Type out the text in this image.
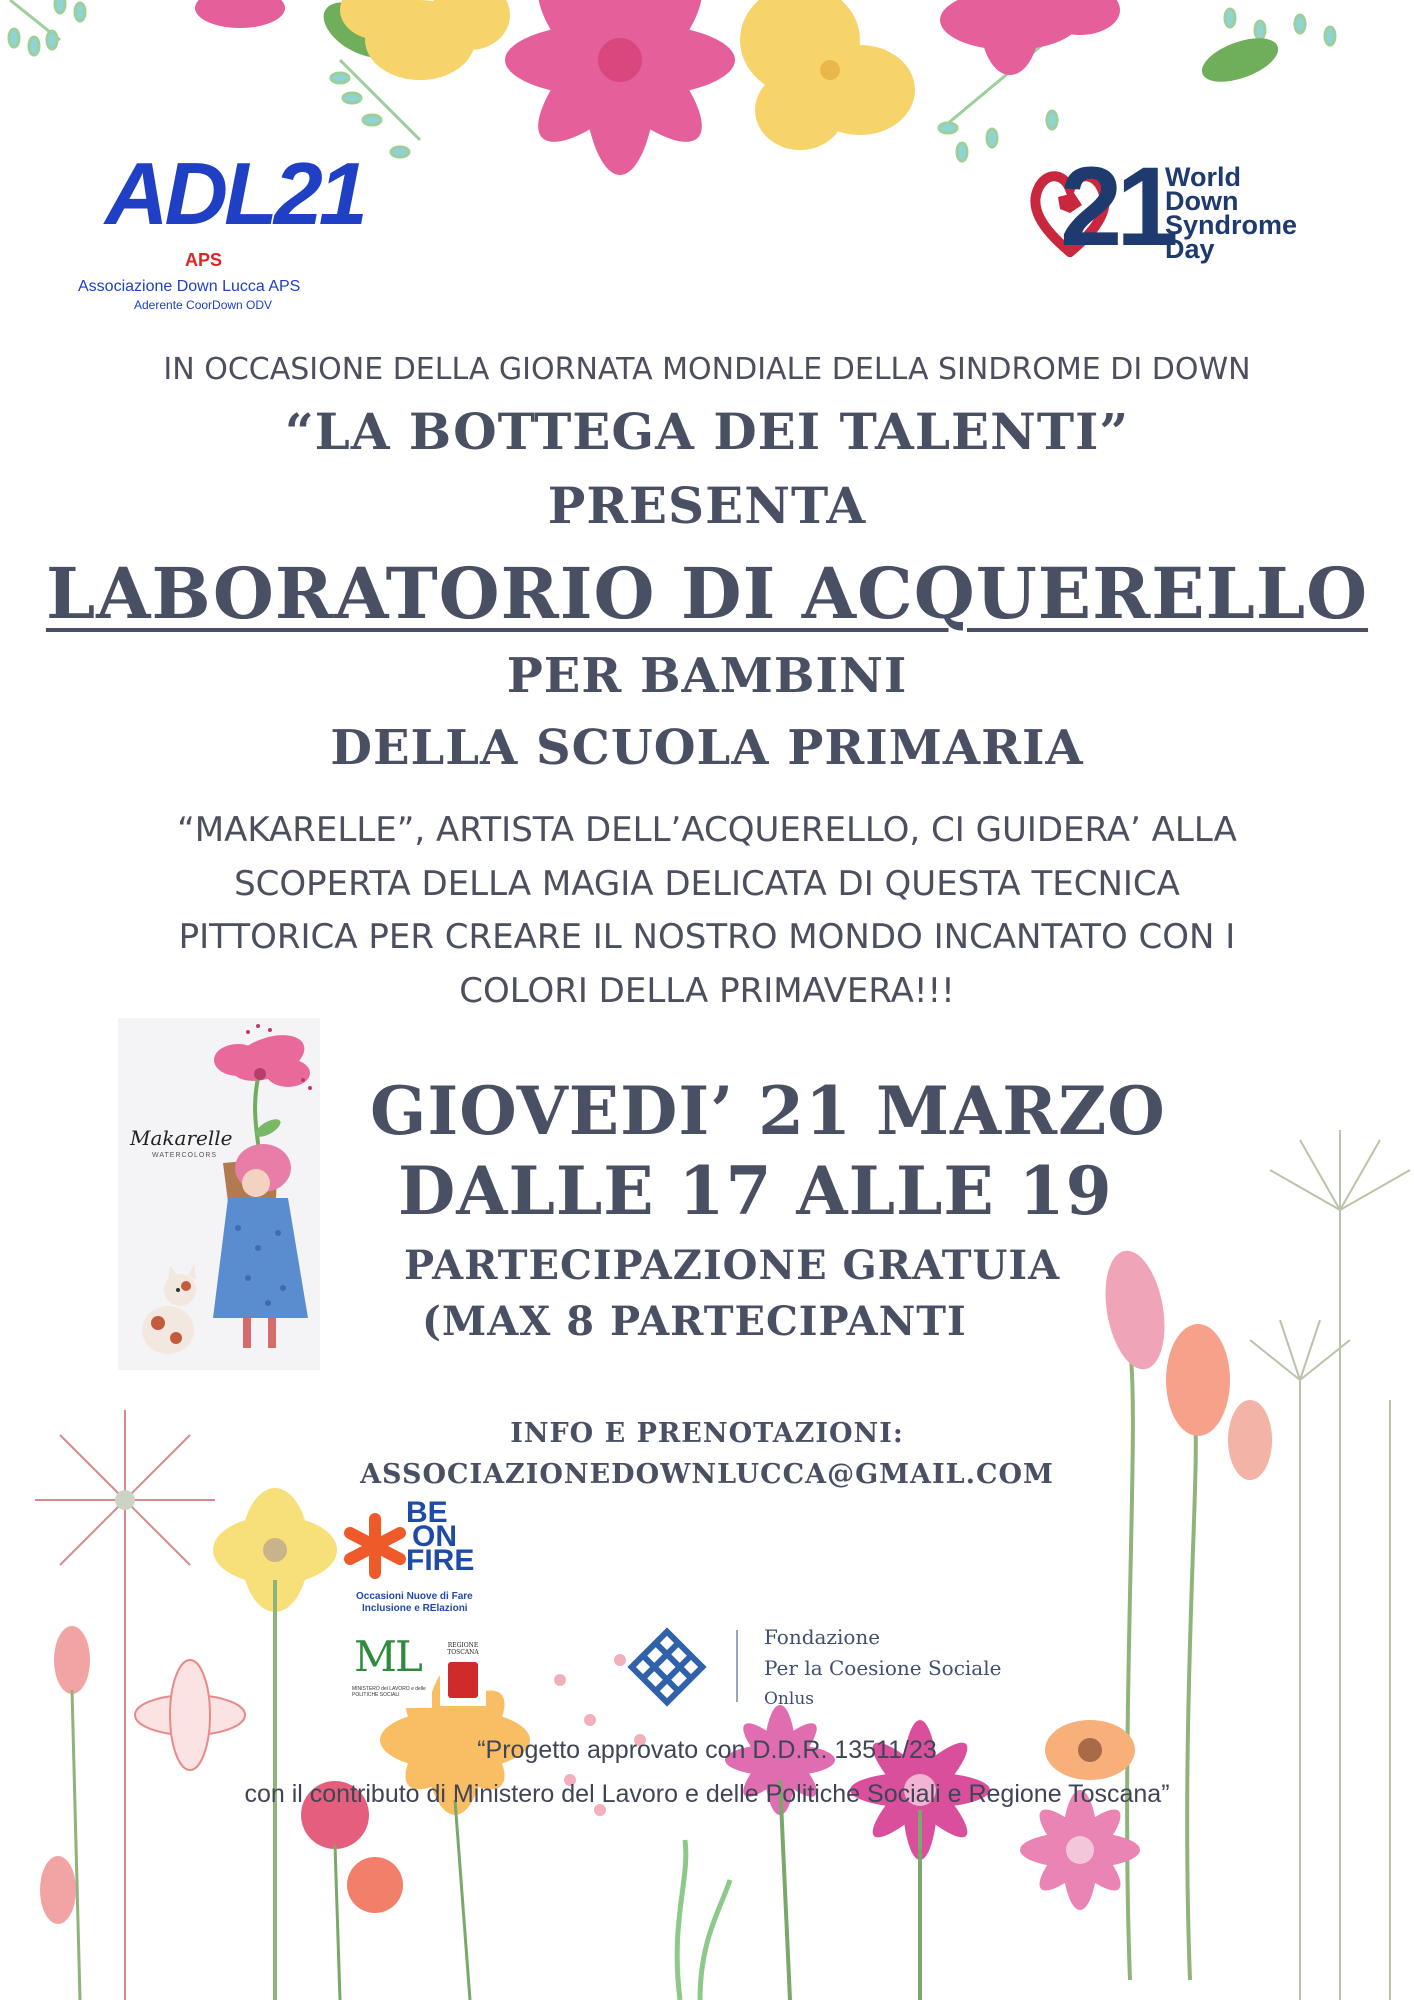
ADL21
APS
Associazione Down Lucca APS
Aderente CoorDown ODV
21
World
Down
Syndrome
Day
IN OCCASIONE DELLA GIORNATA MONDIALE DELLA SINDROME DI DOWN
“LA BOTTEGA DEI TALENTI”
PRESENTA
LABORATORIO DI ACQUERELLO
PER BAMBINI
DELLA SCUOLA PRIMARIA
“MAKARELLE”, ARTISTA DELL’ACQUERELLO, CI GUIDERA’ ALLA
SCOPERTA DELLA MAGIA DELICATA DI QUESTA TECNICA
PITTORICA PER CREARE IL NOSTRO MONDO INCANTATO CON I
COLORI DELLA PRIMAVERA!!!
Makarelle
WATERCOLORS
GIOVEDI’ 21 MARZO
DALLE 17 ALLE 19
PARTECIPAZIONE GRATUIA
(MAX 8 PARTECIPANTI
INFO E PRENOTAZIONI:
ASSOCIAZIONEDOWNLUCCA@GMAIL.COM
BE
ON
FIRE
Occasioni Nuove di Fare
Inclusione e RElazioni
ML
MINISTERO del LAVORO e delle POLITICHE SOCIALI
REGIONE TOSCANA
Fondazione
Per la Coesione Sociale
Onlus
“Progetto approvato con D.D.R. 13511/23
con il contributo di Ministero del Lavoro e delle Politiche Sociali e Regione Toscana”
